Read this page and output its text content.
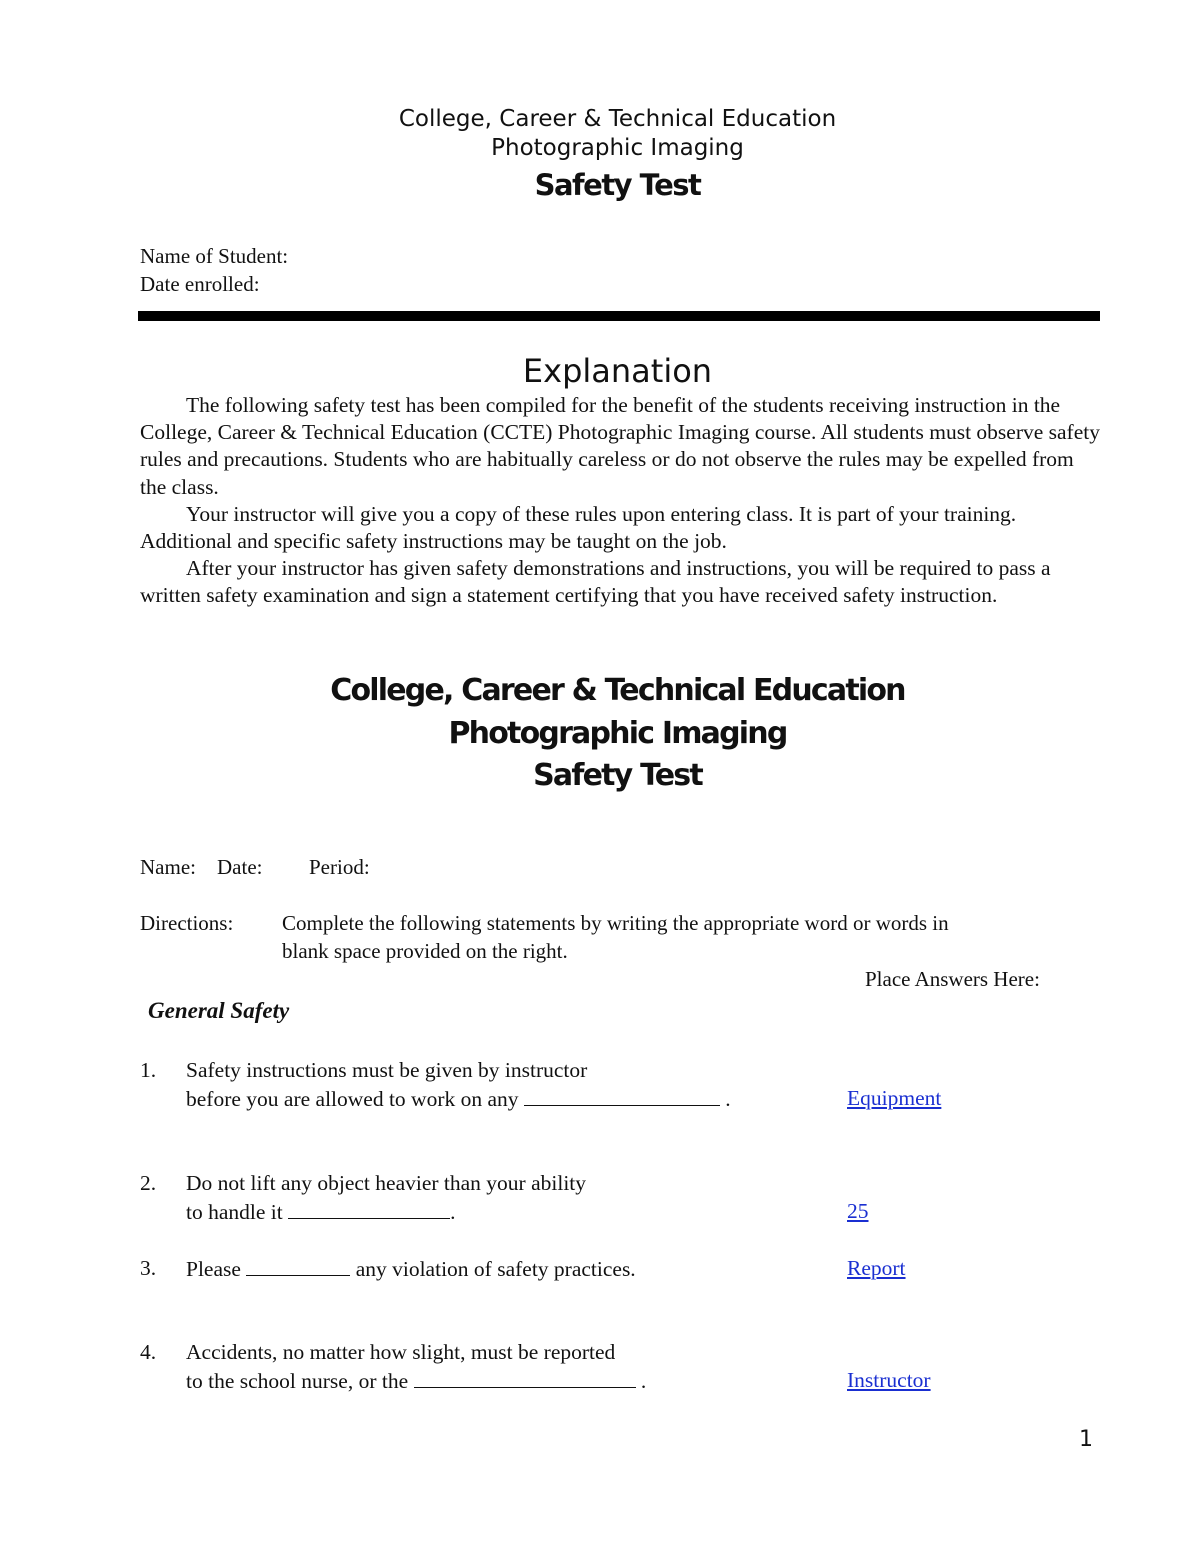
College, Career & Technical Education
Photographic Imaging
Safety Test
Name of Student:
Date enrolled:
Explanation

The following safety test has been compiled for the benefit of the students receiving instruction in the College, Career & Technical Education (CCTE) Photographic Imaging course. All students must observe safety rules and precautions. Students who are habitually careless or do not observe the rules may be expelled from the class.

Your instructor will give you a copy of these rules upon entering class. It is part of your training. Additional and specific safety instructions may be taught on the job.

After your instructor has given safety demonstrations and instructions, you will be required to pass a written safety examination and sign a statement certifying that you have received safety instruction.

College, Career & Technical Education
Photographic Imaging
Safety Test
Name: Date: Period:
Directions: Complete the following statements by writing the appropriate word or words in
blank space provided on the right.
Place Answers Here:
General Safety
1. Safety instructions must be given by instructor
before you are allowed to work on any	.	Equipment
2. Do not lift any object heavier than your ability
to handle it	.	25
3. Please	any violation of safety practices.	Report
4. Accidents, no matter how slight, must be reported
to the school nurse, or the	.	Instructor
1
